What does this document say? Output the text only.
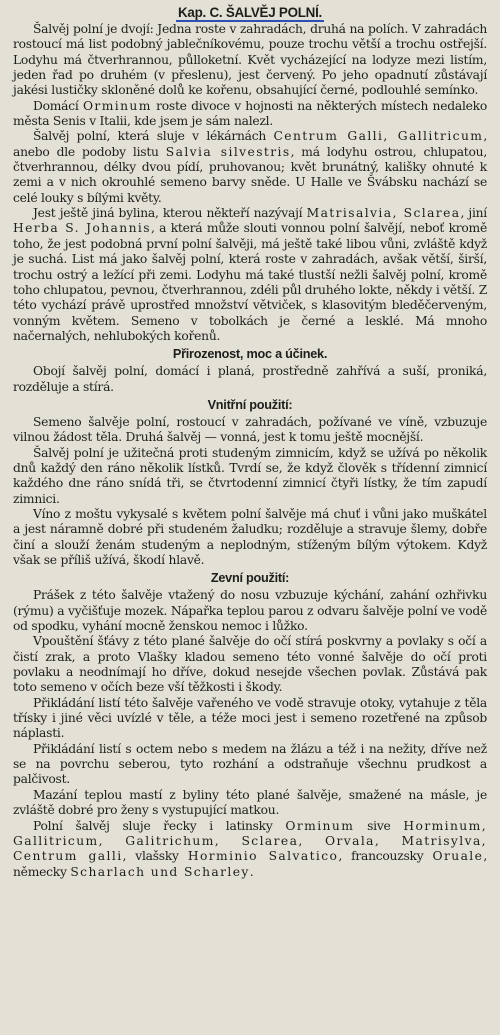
Kap. C. ŠALVĚJ POLNÍ.

Šalvěj polní je dvojí: Jedna roste v zahradách, druhá na polích. V zahradách rostoucí má list podobný jablečníkovému, pouze trochu větší a trochu ostřejší. Lodyhu má čtverhrannou, půlloketní. Květ vycházející na lodyze mezi listím, jeden řad po druhém (v přeslenu), jest červený. Po jeho opadnutí zůstávají jakési lustičky skloněné dolů ke kořenu, obsahující černé, podlouhlé semínko.

Domácí Orminum roste divoce v hojnosti na některých místech nedaleko města Senis v Italii, kde jsem je sám nalezl.

Šalvěj polní, která sluje v lékárnách Centrum Galli, Gallitricum, anebo dle podoby listu Salvia silvestris, má lodyhu ostrou, chlupatou, čtverhrannou, délky dvou pídí, pruhovanou; květ brunátný, kališky ohnuté k zemi a v nich okrouhlé semeno barvy sněde. U Halle ve Švábsku nachází se celé louky s bílými květy.

Jest ještě jiná bylina, kterou někteří nazývají Matrisalvia, Sclarea, jiní Herba S. Johannis, a která může slouti vonnou polní šalvějí, neboť kromě toho, že jest podobná první polní šalvěji, má ještě také libou vůni, zvláště když je suchá. List má jako šalvěj polní, která roste v zahradách, avšak větší, širší, trochu ostrý a ležící při zemi. Lodyhu má také tlustší nežli šalvěj polní, kromě toho chlupatou, pevnou, čtverhrannou, zdéli půl druhého lokte, někdy i větší. Z této vychází právě uprostřed množství větviček, s klasovitým bleděčerveným, vonným květem. Semeno v tobolkách je černé a lesklé. Má mnoho načernalých, nehlubokých kořenů.

Přirozenost, moc a účinek.

Obojí šalvěj polní, domácí i planá, prostředně zahřívá a suší, proniká, rozděluje a stírá.

Vnitřní použití:

Semeno šalvěje polní, rostoucí v zahradách, požívané ve víně, vzbuzuje vilnou žádost těla. Druhá šalvěj — vonná, jest k tomu ještě mocnější.

Šalvěj polní je užitečná proti studeným zimnicím, když se užívá po několik dnů každý den ráno několik lístků. Tvrdí se, že když člověk s třídenní zimnicí každého dne ráno snídá tři, se čtvrtodenní zimnicí čtyři lístky, že tím zapudí zimnici.

Víno z moštu vykysalé s květem polní šalvěje má chuť i vůni jako muškátel a jest náramně dobré při studeném žaludku; rozděluje a stravuje šlemy, dobře činí a slouží ženám studeným a neplodným, stíženým bílým výtokem. Když však se příliš užívá, škodí hlavě.

Zevní použití:

Prášek z této šalvěje vtažený do nosu vzbuzuje kýchání, zahání ozhřivku (rýmu) a vyčišťuje mozek. Nápařka teplou parou z odvaru šalvěje polní ve vodě od spodku, vyhání mocně ženskou nemoc i lůžko.

Vpouštění šťávy z této plané šalvěje do očí stírá poskvrny a povlaky s očí a čistí zrak, a proto Vlašky kladou semeno této vonné šalvěje do očí proti povlaku a neodnímají ho dříve, dokud nesejde všechen povlak. Zůstává pak toto semeno v očích beze vší těžkosti i škody.

Přikládání listí této šalvěje vařeného ve vodě stravuje otoky, vytahuje z těla třísky i jiné věci uvízlé v těle, a téže moci jest i semeno rozetřené na způsob náplasti.

Přikládání listí s octem nebo s medem na žlázu a též i na nežity, dříve než se na povrchu seberou, tyto rozhání a odstraňuje všechnu prudkost a palčivost.

Mazání teplou mastí z byliny této plané šalvěje, smažené na másle, je zvláště dobré pro ženy s vystupující matkou.

Polní šalvěj sluje řecky i latinsky Orminum sive Horminum, Gallitricum, Galitrichum, Sclarea, Orvala, Matrisylva, Centrum galli, vlašsky Horminio Salvatico, francouzsky Oruale, německy Scharlach und Scharley.
